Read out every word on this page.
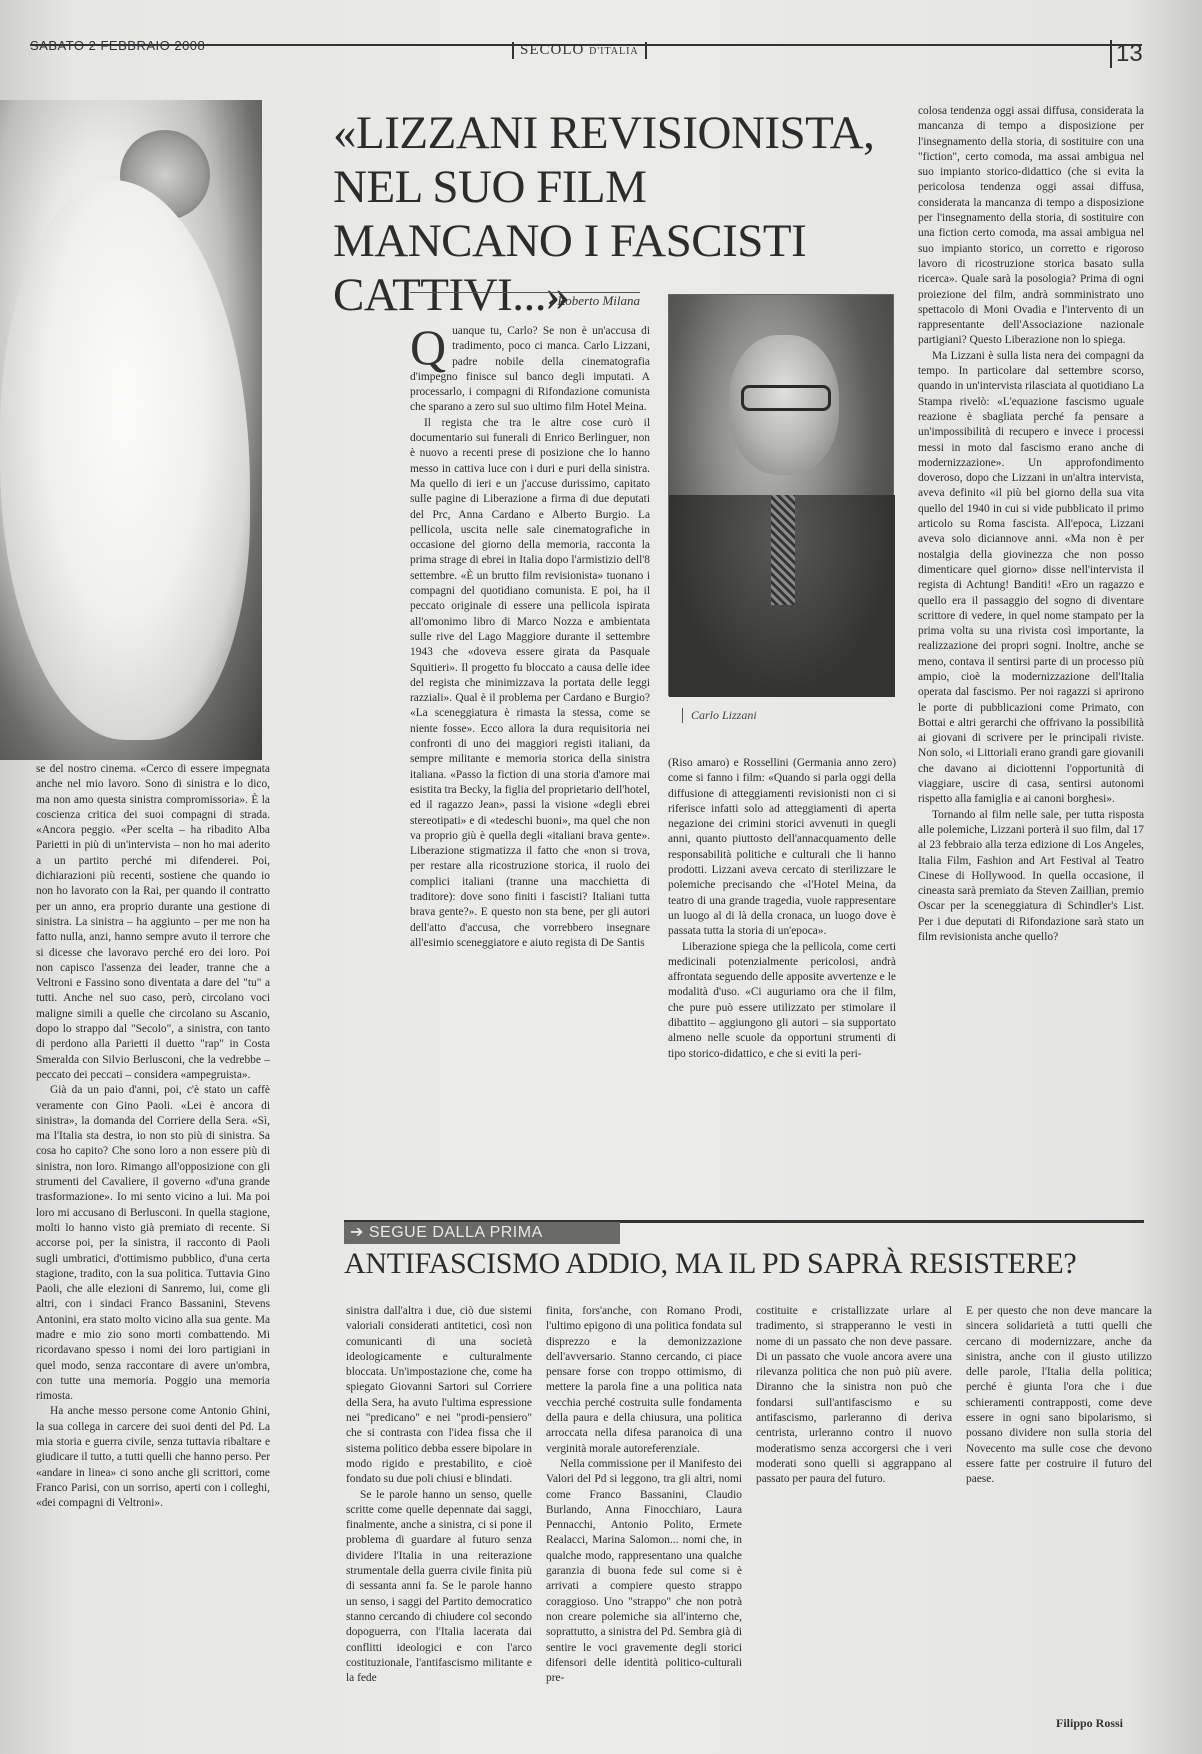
SABATO 2 FEBBRAIO 2008	SECOLO D'ITALIA	13
«LIZZANI REVISIONISTA, NEL SUO FILM MANCANO I FASCISTI CATTIVI...»
◆ Roberto Milana
Carlo Lizzani

se del nostro cinema. «Cerco di essere impegnata anche nel mio lavoro. Sono di sinistra e lo dico, ma non amo questa sinistra compromissoria». È la coscienza critica dei suoi compagni di strada. «Ancora peggio. «Per scelta – ha ribadito Alba Parietti in più di un'intervista – non ho mai aderito a un partito perché mi difenderei. Poi, dichiarazioni più recenti, sostiene che quando io non ho lavorato con la Rai, per quando il contratto per un anno, era proprio durante una gestione di sinistra. La sinistra – ha aggiunto – per me non ha fatto nulla, anzi, hanno sempre avuto il terrore che si dicesse che lavoravo perché ero dei loro. Poi non capisco l'assenza dei leader, tranne che a Veltroni e Fassino sono diventata a dare del "tu" a tutti. Anche nel suo caso, però, circolano voci maligne simili a quelle che circolano su Ascanio, dopo lo strappo dal "Secolo", a sinistra, con tanto di perdono alla Parietti il duetto "rap" in Costa Smeralda con Silvio Berlusconi, che la vedrebbe – peccato dei peccati – considera «ampegruista».

Già da un paio d'anni, poi, c'è stato un caffè veramente con Gino Paoli. «Lei è ancora di sinistra», la domanda del Corriere della Sera. «Sì, ma l'Italia sta destra, io non sto più di sinistra. Sa cosa ho capito? Che sono loro a non essere più di sinistra, non loro. Rimango all'opposizione con gli strumenti del Cavaliere, il governo «d'una grande trasformazione». Io mi sento vicino a lui. Ma poi loro mi accusano di Berlusconi. In quella stagione, molti lo hanno visto già premiato di recente. Si accorse poi, per la sinistra, il racconto di Paoli sugli umbratici, d'ottimismo pubblico, d'una certa stagione, tradito, con la sua politica. Tuttavia Gino Paoli, che alle elezioni di Sanremo, lui, come gli altri, con i sindaci Franco Bassanini, Stevens Antonini, era stato molto vicino alla sua gente. Ma madre e mio zio sono morti combattendo. Mi ricordavano spesso i nomi dei loro partigiani in quel modo, senza raccontare di avere un'ombra, con tutte una memoria. Poggio una memoria rimosta.

Ha anche messo persone come Antonio Ghini, la sua collega in carcere dei suoi denti del Pd. La mia storia e guerra civile, senza tuttavia ribaltare e giudicare il tutto, a tutti quelli che hanno perso. Per «andare in linea» ci sono anche gli scrittori, come Franco Parisi, con un sorriso, aperti con i colleghi, «dei compagni di Veltroni».

Q uanque tu, Carlo? Se non è un'accusa di tradimento, poco ci manca. Carlo Lizzani, padre nobile della cinematografia d'impegno finisce sul banco degli imputati. A processarlo, i compagni di Rifondazione comunista che sparano a zero sul suo ultimo film Hotel Meina.

Il regista che tra le altre cose curò il documentario sui funerali di Enrico Berlinguer, non è nuovo a recenti prese di posizione che lo hanno messo in cattiva luce con i duri e puri della sinistra. Ma quello di ieri e un j'accuse durissimo, capitato sulle pagine di Liberazione a firma di due deputati del Prc, Anna Cardano e Alberto Burgio. La pellicola, uscita nelle sale cinematografiche in occasione del giorno della memoria, racconta la prima strage di ebrei in Italia dopo l'armistizio dell'8 settembre. «È un brutto film revisionista» tuonano i compagni del quotidiano comunista. E poi, ha il peccato originale di essere una pellicola ispirata all'omonimo libro di Marco Nozza e ambientata sulle rive del Lago Maggiore durante il settembre 1943 che «doveva essere girata da Pasquale Squitieri». Il progetto fu bloccato a causa delle idee del regista che minimizzava la portata delle leggi razziali». Qual è il problema per Cardano e Burgio? «La sceneggiatura è rimasta la stessa, come se niente fosse». Ecco allora la dura requisitoria nei confronti di uno dei maggiori registi italiani, da sempre militante e memoria storica della sinistra italiana. «Passo la fiction di una storia d'amore mai esistita tra Becky, la figlia del proprietario dell'hotel, ed il ragazzo Jean», passi la visione «degli ebrei stereotipati» e di «tedeschi buoni», ma quel che non va proprio giù è quella degli «italiani brava gente». Liberazione stigmatizza il fatto che «non si trova, per restare alla ricostruzione storica, il ruolo dei complici italiani (tranne una macchietta di traditore): dove sono finiti i fascisti? Italiani tutta brava gente?». E questo non sta bene, per gli autori dell'atto d'accusa, che vorrebbero insegnare all'esimio sceneggiatore e aiuto regista di De Santis

(Riso amaro) e Rossellini (Germania anno zero) come si fanno i film: «Quando si parla oggi della diffusione di atteggiamenti revisionisti non ci si riferisce infatti solo ad atteggiamenti di aperta negazione dei crimini storici avvenuti in quegli anni, quanto piuttosto dell'annacquamento delle responsabilità politiche e culturali che li hanno prodotti. Lizzani aveva cercato di sterilizzare le polemiche precisando che «l'Hotel Meina, da teatro di una grande tragedia, vuole rappresentare un luogo al di là della cronaca, un luogo dove è passata tutta la storia di un'epoca».

Liberazione spiega che la pellicola, come certi medicinali potenzialmente pericolosi, andrà affrontata seguendo delle apposite avvertenze e le modalità d'uso. «Ci auguriamo ora che il film, che pure può essere utilizzato per stimolare il dibattito – aggiungono gli autori – sia supportato almeno nelle scuole da opportuni strumenti di tipo storico-didattico, e che si eviti la peri-

colosa tendenza oggi assai diffusa, considerata la mancanza di tempo a disposizione per l'insegnamento della storia, di sostituire con una "fiction", certo comoda, ma assai ambigua nel suo impianto storico-didattico (che si evita la pericolosa tendenza oggi assai diffusa, considerata la mancanza di tempo a disposizione per l'insegnamento della storia, di sostituire con una fiction certo comoda, ma assai ambigua nel suo impianto storico, un corretto e rigoroso lavoro di ricostruzione storica basato sulla ricerca». Quale sarà la posologia? Prima di ogni proiezione del film, andrà somministrato uno spettacolo di Moni Ovadia e l'intervento di un rappresentante dell'Associazione nazionale partigiani? Questo Liberazione non lo spiega.

Ma Lizzani è sulla lista nera dei compagni da tempo. In particolare dal settembre scorso, quando in un'intervista rilasciata al quotidiano La Stampa rivelò: «L'equazione fascismo uguale reazione è sbagliata perché fa pensare a un'impossibilità di recupero e invece i processi messi in moto dal fascismo erano anche di modernizzazione». Un approfondimento doveroso, dopo che Lizzani in un'altra intervista, aveva definito «il più bel giorno della sua vita quello del 1940 in cui si vide pubblicato il primo articolo su Roma fascista. All'epoca, Lizzani aveva solo diciannove anni. «Ma non è per nostalgia della giovinezza che non posso dimenticare quel giorno» disse nell'intervista il regista di Achtung! Banditi! «Ero un ragazzo e quello era il passaggio del sogno di diventare scrittore di vedere, in quel nome stampato per la prima volta su una rivista così importante, la realizzazione dei propri sogni. Inoltre, anche se meno, contava il sentirsi parte di un processo più ampio, cioè la modernizzazione dell'Italia operata dal fascismo. Per noi ragazzi si aprirono le porte di pubblicazioni come Primato, con Bottai e altri gerarchi che offrivano la possibilità ai giovani di scrivere per le principali riviste. Non solo, «i Littoriali erano grandi gare giovanili che davano ai diciottenni l'opportunità di viaggiare, uscire di casa, sentirsi autonomi rispetto alla famiglia e ai canoni borghesi».

Tornando al film nelle sale, per tutta risposta alle polemiche, Lizzani porterà il suo film, dal 17 al 23 febbraio alla terza edizione di Los Angeles, Italia Film, Fashion and Art Festival al Teatro Cinese di Hollywood. In quella occasione, il cineasta sarà premiato da Steven Zaillian, premio Oscar per la sceneggiatura di Schindler's List. Per i due deputati di Rifondazione sarà stato un film revisionista anche quello?

➔ SEGUE DALLA PRIMA
ANTIFASCISMO ADDIO, MA IL PD SAPRÀ RESISTERE?

sinistra dall'altra i due, ciò due sistemi valoriali considerati antitetici, così non comunicanti di una società ideologicamente e culturalmente bloccata. Un'impostazione che, come ha spiegato Giovanni Sartori sul Corriere della Sera, ha avuto l'ultima espressione nei "predicano" e nei "prodi-pensiero" che si contrasta con l'idea fissa che il sistema politico debba essere bipolare in modo rigido e prestabilito, e cioè fondato su due poli chiusi e blindati.

Se le parole hanno un senso, quelle scritte come quelle depennate dai saggi, finalmente, anche a sinistra, ci si pone il problema di guardare al futuro senza dividere l'Italia in una reiterazione strumentale della guerra civile finita più di sessanta anni fa. Se le parole hanno un senso, i saggi del Partito democratico stanno cercando di chiudere col secondo dopoguerra, con l'Italia lacerata dai conflitti ideologici e con l'arco costituzionale, l'antifascismo militante e la fede

finita, fors'anche, con Romano Prodi, l'ultimo epigono di una politica fondata sul disprezzo e la demonizzazione dell'avversario. Stanno cercando, ci piace pensare forse con troppo ottimismo, di mettere la parola fine a una politica nata vecchia perché costruita sulle fondamenta della paura e della chiusura, una politica arroccata nella difesa paranoica di una verginità morale autoreferenziale.

Nella commissione per il Manifesto dei Valori del Pd si leggono, tra gli altri, nomi come Franco Bassanini, Claudio Burlando, Anna Finocchiaro, Laura Pennacchi, Antonio Polito, Ermete Realacci, Marina Salomon... nomi che, in qualche modo, rappresentano una qualche garanzia di buona fede sul come si è arrivati a compiere questo strappo coraggioso. Uno "strappo" che non potrà non creare polemiche sia all'interno che, soprattutto, a sinistra del Pd. Sembra già di sentire le voci gravemente degli storici difensori delle identità politico-culturali pre-

costituite e cristallizzate urlare al tradimento, si strapperanno le vesti in nome di un passato che non deve passare. Di un passato che vuole ancora avere una rilevanza politica che non può più avere. Diranno che la sinistra non può che fondarsi sull'antifascismo e su antifascismo, parleranno di deriva centrista, urleranno contro il nuovo moderatismo senza accorgersi che i veri moderati sono quelli si aggrappano al passato per paura del futuro.

E per questo che non deve mancare la sincera solidarietà a tutti quelli che cercano di modernizzare, anche da sinistra, anche con il giusto utilizzo delle parole, l'Italia della politica; perché è giunta l'ora che i due schieramenti contrapposti, come deve essere in ogni sano bipolarismo, si possano dividere non sulla storia del Novecento ma sulle cose che devono essere fatte per costruire il futuro del paese.

Filippo Rossi
